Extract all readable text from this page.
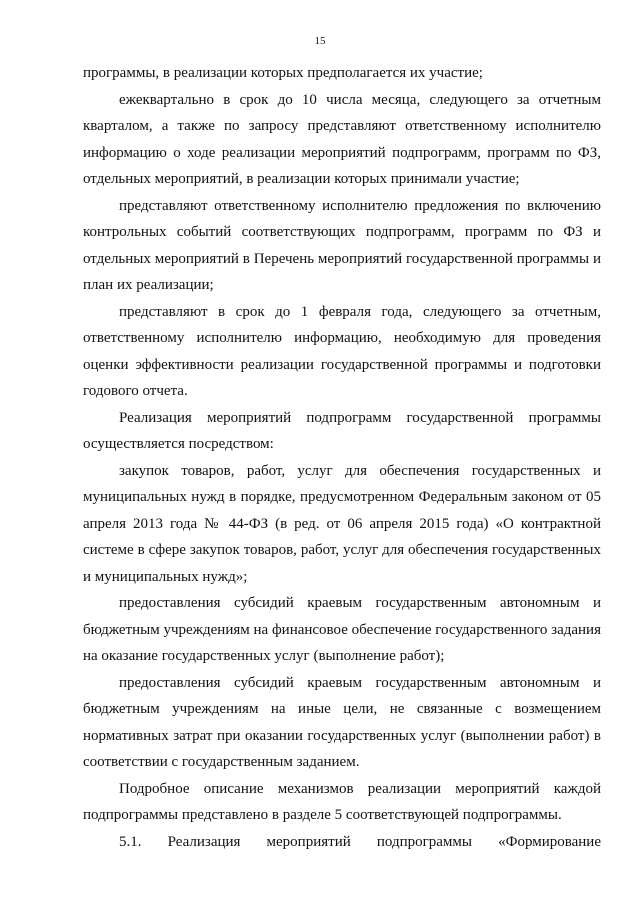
15

программы, в реализации которых предполагается их участие;

ежеквартально в срок до 10 числа месяца, следующего за отчетным кварталом, а также по запросу представляют ответственному исполнителю информацию о ходе реализации мероприятий подпрограмм, программ по ФЗ, отдельных мероприятий, в реализации которых принимали участие;

представляют ответственному исполнителю предложения по включению контрольных событий соответствующих подпрограмм, программ по ФЗ и отдельных мероприятий в Перечень мероприятий государственной программы и план их реализации;

представляют в срок до 1 февраля года, следующего за отчетным, ответственному исполнителю информацию, необходимую для проведения оценки эффективности реализации государственной программы и подготовки годового отчета.

Реализация мероприятий подпрограмм государственной программы осуществляется посредством:

закупок товаров, работ, услуг для обеспечения государственных и муниципальных нужд в порядке, предусмотренном Федеральным законом от 05 апреля 2013 года № 44-ФЗ (в ред. от 06 апреля 2015 года) «О контрактной системе в сфере закупок товаров, работ, услуг для обеспечения государственных и муниципальных нужд»;

предоставления субсидий краевым государственным автономным и бюджетным учреждениям на финансовое обеспечение государственного задания на оказание государственных услуг (выполнение работ);

предоставления субсидий краевым государственным автономным и бюджетным учреждениям на иные цели, не связанные с возмещением нормативных затрат при оказании государственных услуг (выполнении работ) в соответствии с государственным заданием.

Подробное описание механизмов реализации мероприятий каждой подпрограммы представлено в разделе 5 соответствующей подпрограммы.

5.1. Реализация мероприятий подпрограммы «Формирование
